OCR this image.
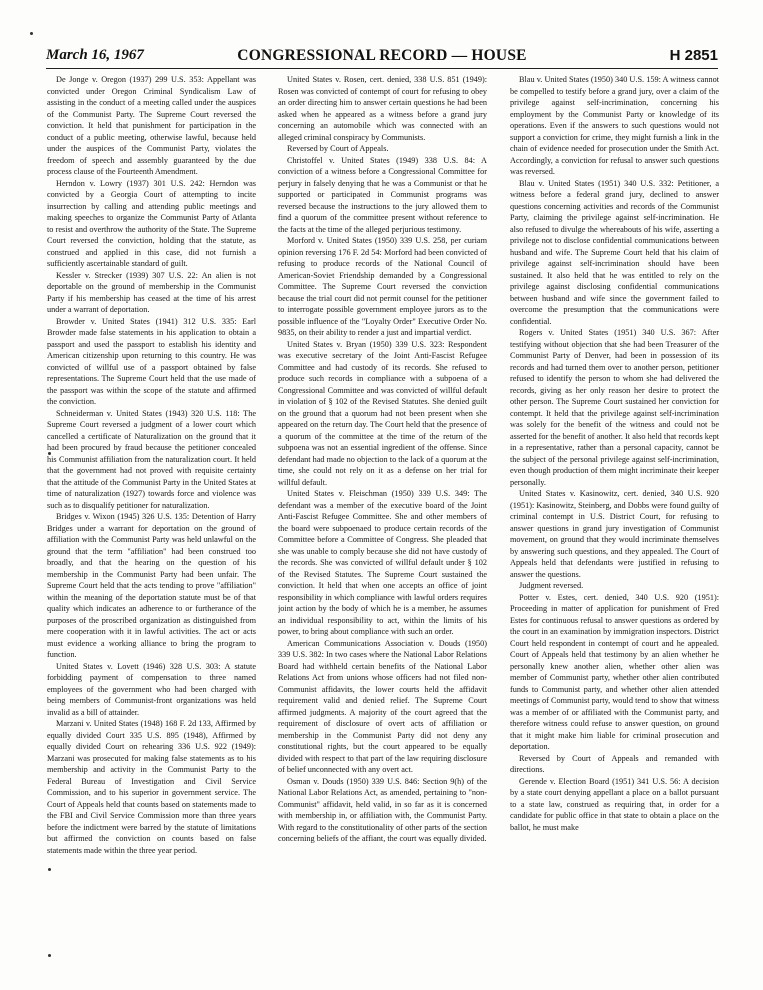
March 16, 1967	CONGRESSIONAL RECORD — HOUSE	H 2851

De Jonge v. Oregon (1937) 299 U.S. 353: Appellant was convicted under Oregon Criminal Syndicalism Law of assisting in the conduct of a meeting called under the auspices of the Communist Party. The Supreme Court reversed the conviction. It held that punishment for participation in the conduct of a public meeting, otherwise lawful, because held under the auspices of the Communist Party, violates the freedom of speech and assembly guaranteed by the due process clause of the Fourteenth Amendment.

Herndon v. Lowry (1937) 301 U.S. 242: Herndon was convicted by a Georgia Court of attempting to incite insurrection by calling and attending public meetings and making speeches to organize the Communist Party of Atlanta to resist and overthrow the authority of the State. The Supreme Court reversed the conviction, holding that the statute, as construed and applied in this case, did not furnish a sufficiently ascertainable standard of guilt.

Kessler v. Strecker (1939) 307 U.S. 22: An alien is not deportable on the ground of membership in the Communist Party if his membership has ceased at the time of his arrest under a warrant of deportation.

Browder v. United States (1941) 312 U.S. 335: Earl Browder made false statements in his application to obtain a passport and used the passport to establish his identity and American citizenship upon returning to this country. He was convicted of willful use of a passport obtained by false representations. The Supreme Court held that the use made of the passport was within the scope of the statute and affirmed the conviction.

Schneiderman v. United States (1943) 320 U.S. 118: The Supreme Court reversed a judgment of a lower court which cancelled a certificate of Naturalization on the ground that it had been procured by fraud because the petitioner concealed his Communist affiliation from the naturalization court. It held that the government had not proved with requisite certainty that the attitude of the Communist Party in the United States at time of naturalization (1927) towards force and violence was such as to disqualify petitioner for naturalization.

Bridges v. Wixon (1945) 326 U.S. 135: Detention of Harry Bridges under a warrant for deportation on the ground of affiliation with the Communist Party was held unlawful on the ground that the term "affiliation" had been construed too broadly, and that the hearing on the question of his membership in the Communist Party had been unfair. The Supreme Court held that the acts tending to prove "affiliation" within the meaning of the deportation statute must be of that quality which indicates an adherence to or furtherance of the purposes of the proscribed organization as distinguished from mere cooperation with it in lawful activities. The act or acts must evidence a working alliance to bring the program to function.

United States v. Lovett (1946) 328 U.S. 303: A statute forbidding payment of compensation to three named employees of the government who had been charged with being members of Communist-front organizations was held invalid as a bill of attainder.

Marzani v. United States (1948) 168 F. 2d 133, Affirmed by equally divided Court 335 U.S. 895 (1948), Affirmed by equally divided Court on rehearing 336 U.S. 922 (1949): Marzani was prosecuted for making false statements as to his membership and activity in the Communist Party to the Federal Bureau of Investigation and Civil Service Commission, and to his superior in government service. The Court of Appeals held that counts based on statements made to the FBI and Civil Service Commission more than three years before the indictment were barred by the statute of limitations but affirmed the conviction on counts based on false statements made within the three year period.

United States v. Rosen, cert. denied, 338 U.S. 851 (1949): Rosen was convicted of contempt of court for refusing to obey an order directing him to answer certain questions he had been asked when he appeared as a witness before a grand jury concerning an automobile which was connected with an alleged criminal conspiracy by Communists.

Reversed by Court of Appeals.

Christoffel v. United States (1949) 338 U.S. 84: A conviction of a witness before a Congressional Committee for perjury in falsely denying that he was a Communist or that he supported or participated in Communist programs was reversed because the instructions to the jury allowed them to find a quorum of the committee present without reference to the facts at the time of the alleged perjurious testimony.

Morford v. United States (1950) 339 U.S. 258, per curiam opinion reversing 176 F. 2d 54: Morford had been convicted of refusing to produce records of the National Council of American-Soviet Friendship demanded by a Congressional Committee. The Supreme Court reversed the conviction because the trial court did not permit counsel for the petitioner to interrogate possible government employee jurors as to the possible influence of the "Loyalty Order" Executive Order No. 9835, on their ability to render a just and impartial verdict.

United States v. Bryan (1950) 339 U.S. 323: Respondent was executive secretary of the Joint Anti-Fascist Refugee Committee and had custody of its records. She refused to produce such records in compliance with a subpoena of a Congressional Committee and was convicted of willful default in violation of § 102 of the Revised Statutes. She denied guilt on the ground that a quorum had not been present when she appeared on the return day. The Court held that the presence of a quorum of the committee at the time of the return of the subpoena was not an essential ingredient of the offense. Since defendant had made no objection to the lack of a quorum at the time, she could not rely on it as a defense on her trial for willful default.

United States v. Fleischman (1950) 339 U.S. 349: The defendant was a member of the executive board of the Joint Anti-Fascist Refugee Committee. She and other members of the board were subpoenaed to produce certain records of the Committee before a Committee of Congress. She pleaded that she was unable to comply because she did not have custody of the records. She was convicted of willful default under § 102 of the Revised Statutes. The Supreme Court sustained the conviction. It held that when one accepts an office of joint responsibility in which compliance with lawful orders requires joint action by the body of which he is a member, he assumes an individual responsibility to act, within the limits of his power, to bring about compliance with such an order.

American Communications Association v. Douds (1950) 339 U.S. 382: In two cases where the National Labor Relations Board had withheld certain benefits of the National Labor Relations Act from unions whose officers had not filed non-Communist affidavits, the lower courts held the affidavit requirement valid and denied relief. The Supreme Court affirmed judgments. A majority of the court agreed that the requirement of disclosure of overt acts of affiliation or membership in the Communist Party did not deny any constitutional rights, but the court appeared to be equally divided with respect to that part of the law requiring disclosure of belief unconnected with any overt act.

Osman v. Douds (1950) 339 U.S. 846: Section 9(h) of the National Labor Relations Act, as amended, pertaining to "non-Communist" affidavit, held valid, in so far as it is concerned with membership in, or affiliation with, the Communist Party. With regard to the constitutionality of other parts of the section concerning beliefs of the affiant, the court was equally divided.

Blau v. United States (1950) 340 U.S. 159: A witness cannot be compelled to testify before a grand jury, over a claim of the privilege against self-incrimination, concerning his employment by the Communist Party or knowledge of its operations. Even if the answers to such questions would not support a conviction for crime, they might furnish a link in the chain of evidence needed for prosecution under the Smith Act. Accordingly, a conviction for refusal to answer such questions was reversed.

Blau v. United States (1951) 340 U.S. 332: Petitioner, a witness before a federal grand jury, declined to answer questions concerning activities and records of the Communist Party, claiming the privilege against self-incrimination. He also refused to divulge the whereabouts of his wife, asserting a privilege not to disclose confidential communications between husband and wife. The Supreme Court held that his claim of privilege against self-incrimination should have been sustained. It also held that he was entitled to rely on the privilege against disclosing confidential communications between husband and wife since the government failed to overcome the presumption that the communications were confidential.

Rogers v. United States (1951) 340 U.S. 367: After testifying without objection that she had been Treasurer of the Communist Party of Denver, had been in possession of its records and had turned them over to another person, petitioner refused to identify the person to whom she had delivered the records, giving as her only reason her desire to protect the other person. The Supreme Court sustained her conviction for contempt. It held that the privilege against self-incrimination was solely for the benefit of the witness and could not be asserted for the benefit of another. It also held that records kept in a representative, rather than a personal capacity, cannot be the subject of the personal privilege against self-incrimination, even though production of them might incriminate their keeper personally.

United States v. Kasinowitz, cert. denied, 340 U.S. 920 (1951): Kasinowitz, Steinberg, and Dobbs were found guilty of criminal contempt in U.S. District Court, for refusing to answer questions in grand jury investigation of Communist movement, on ground that they would incriminate themselves by answering such questions, and they appealed. The Court of Appeals held that defendants were justified in refusing to answer the questions.

Judgment reversed.

Potter v. Estes, cert. denied, 340 U.S. 920 (1951): Proceeding in matter of application for punishment of Fred Estes for continuous refusal to answer questions as ordered by the court in an examination by immigration inspectors. District Court held respondent in contempt of court and he appealed. Court of Appeals held that testimony by an alien whether he personally knew another alien, whether other alien was member of Communist party, whether other alien contributed funds to Communist party, and whether other alien attended meetings of Communist party, would tend to show that witness was a member of or affiliated with the Communist party, and therefore witness could refuse to answer question, on ground that it might make him liable for criminal prosecution and deportation.

Reversed by Court of Appeals and remanded with directions.

Gerende v. Election Board (1951) 341 U.S. 56: A decision by a state court denying appellant a place on a ballot pursuant to a state law, construed as requiring that, in order for a candidate for public office in that state to obtain a place on the ballot, he must make
